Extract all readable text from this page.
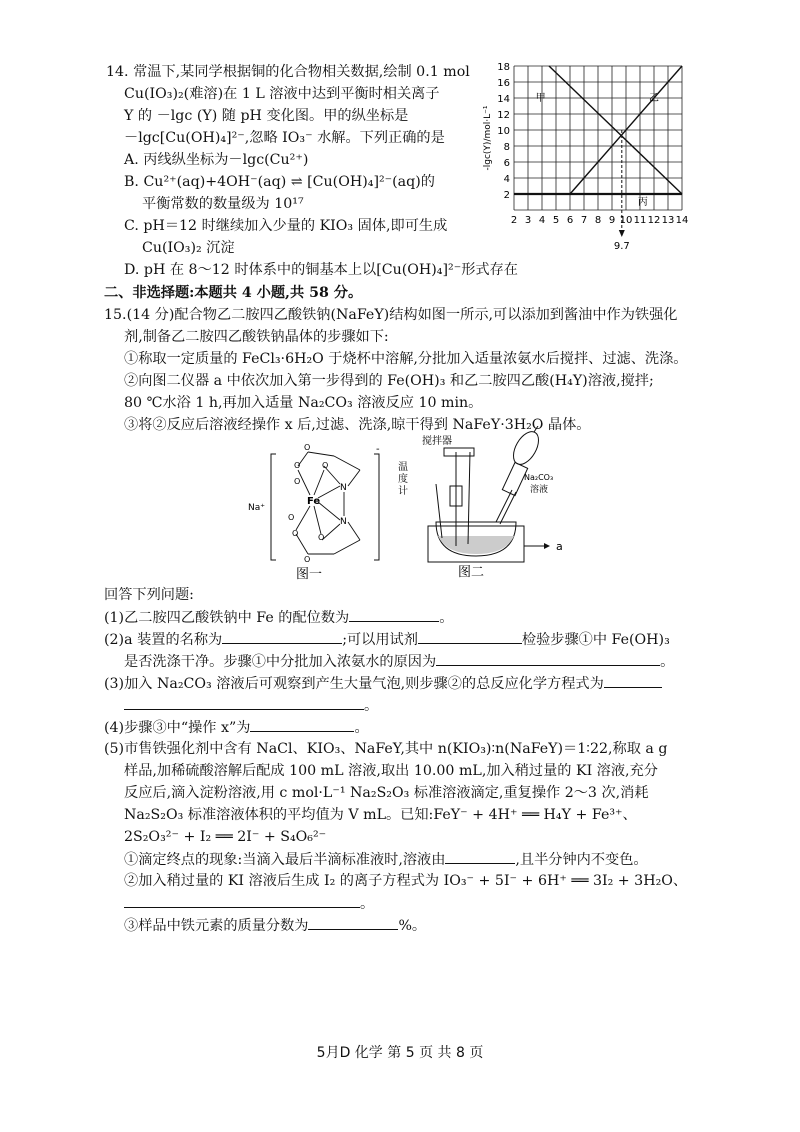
14. 常温下,某同学根据铜的化合物相关数据,绘制 0.1 mol
Cu(IO₃)₂(难溶)在 1 L 溶液中达到平衡时相关离子
Y 的 －lgc (Y) 随 pH 变化图。甲的纵坐标是
－lgc[Cu(OH)₄]²⁻,忽略 IO₃⁻ 水解。下列正确的是
A. 丙线纵坐标为－lgc(Cu²⁺)
B. Cu²⁺(aq)+4OH⁻(aq) ⇌ [Cu(OH)₄]²⁻(aq)的
平衡常数的数量级为 10¹⁷
C. pH＝12 时继续加入少量的 KIO₃ 固体,即可生成
Cu(IO₃)₂ 沉淀
D. pH 在 8～12 时体系中的铜基本上以[Cu(OH)₄]²⁻形式存在
2 3 4 5 6 7 8 9 10 11 12 13 14
2
4
6
8
10
12
14
16
18
-lgc(Y)/mol·L⁻¹
甲	乙
丙
9.7
二、非选择题:本题共 4 小题,共 58 分。
15.(14 分)配合物乙二胺四乙酸铁钠(NaFeY)结构如图一所示,可以添加到酱油中作为铁强化
剂,制备乙二胺四乙酸铁钠晶体的步骤如下:
①称取一定质量的 FeCl₃·6H₂O 于烧杯中溶解,分批加入适量浓氨水后搅拌、过滤、洗涤。
②向图二仪器 a 中依次加入第一步得到的 Fe(OH)₃ 和乙二胺四乙酸(H₄Y)溶液,搅拌;
80 ℃水浴 1 h,再加入适量 Na₂CO₃ 溶液反应 10 min。
③将②反应后溶液经操作 x 后,过滤、洗涤,晾干得到 NaFeY·3H₂O 晶体。
Na⁺
-
Fe
N
N
O	O
O O
O
O
O
O
图一
搅拌器
温
度
计
Na₂CO₃
溶液
a
图二
回答下列问题:
(1)乙二胺四乙酸铁钠中 Fe 的配位数为	。
(2)a 装置的名称为	;可以用试剂	检验步骤①中 Fe(OH)₃
是否洗涤干净。步骤①中分批加入浓氨水的原因为	。
(3)加入 Na₂CO₃ 溶液后可观察到产生大量气泡,则步骤②的总反应化学方程式为
。
(4)步骤③中“操作 x”为	。
(5)市售铁强化剂中含有 NaCl、KIO₃、NaFeY,其中 n(KIO₃)∶n(NaFeY)＝1∶22,称取 a g
样品,加稀硫酸溶解后配成 100 mL 溶液,取出 10.00 mL,加入稍过量的 KI 溶液,充分
反应后,滴入淀粉溶液,用 c mol·L⁻¹ Na₂S₂O₃ 标准溶液滴定,重复操作 2～3 次,消耗
Na₂S₂O₃ 标准溶液体积的平均值为 V mL。已知:FeY⁻ + 4H⁺ ══ H₄Y + Fe³⁺、
2S₂O₃²⁻ + I₂ ══ 2I⁻ + S₄O₆²⁻
①滴定终点的现象:当滴入最后半滴标准液时,溶液由	,且半分钟内不变色。
②加入稍过量的 KI 溶液后生成 I₂ 的离子方程式为 IO₃⁻ + 5I⁻ + 6H⁺ ══ 3I₂ + 3H₂O、
。
③样品中铁元素的质量分数为	%。
5月D 化学 第 5 页 共 8 页
